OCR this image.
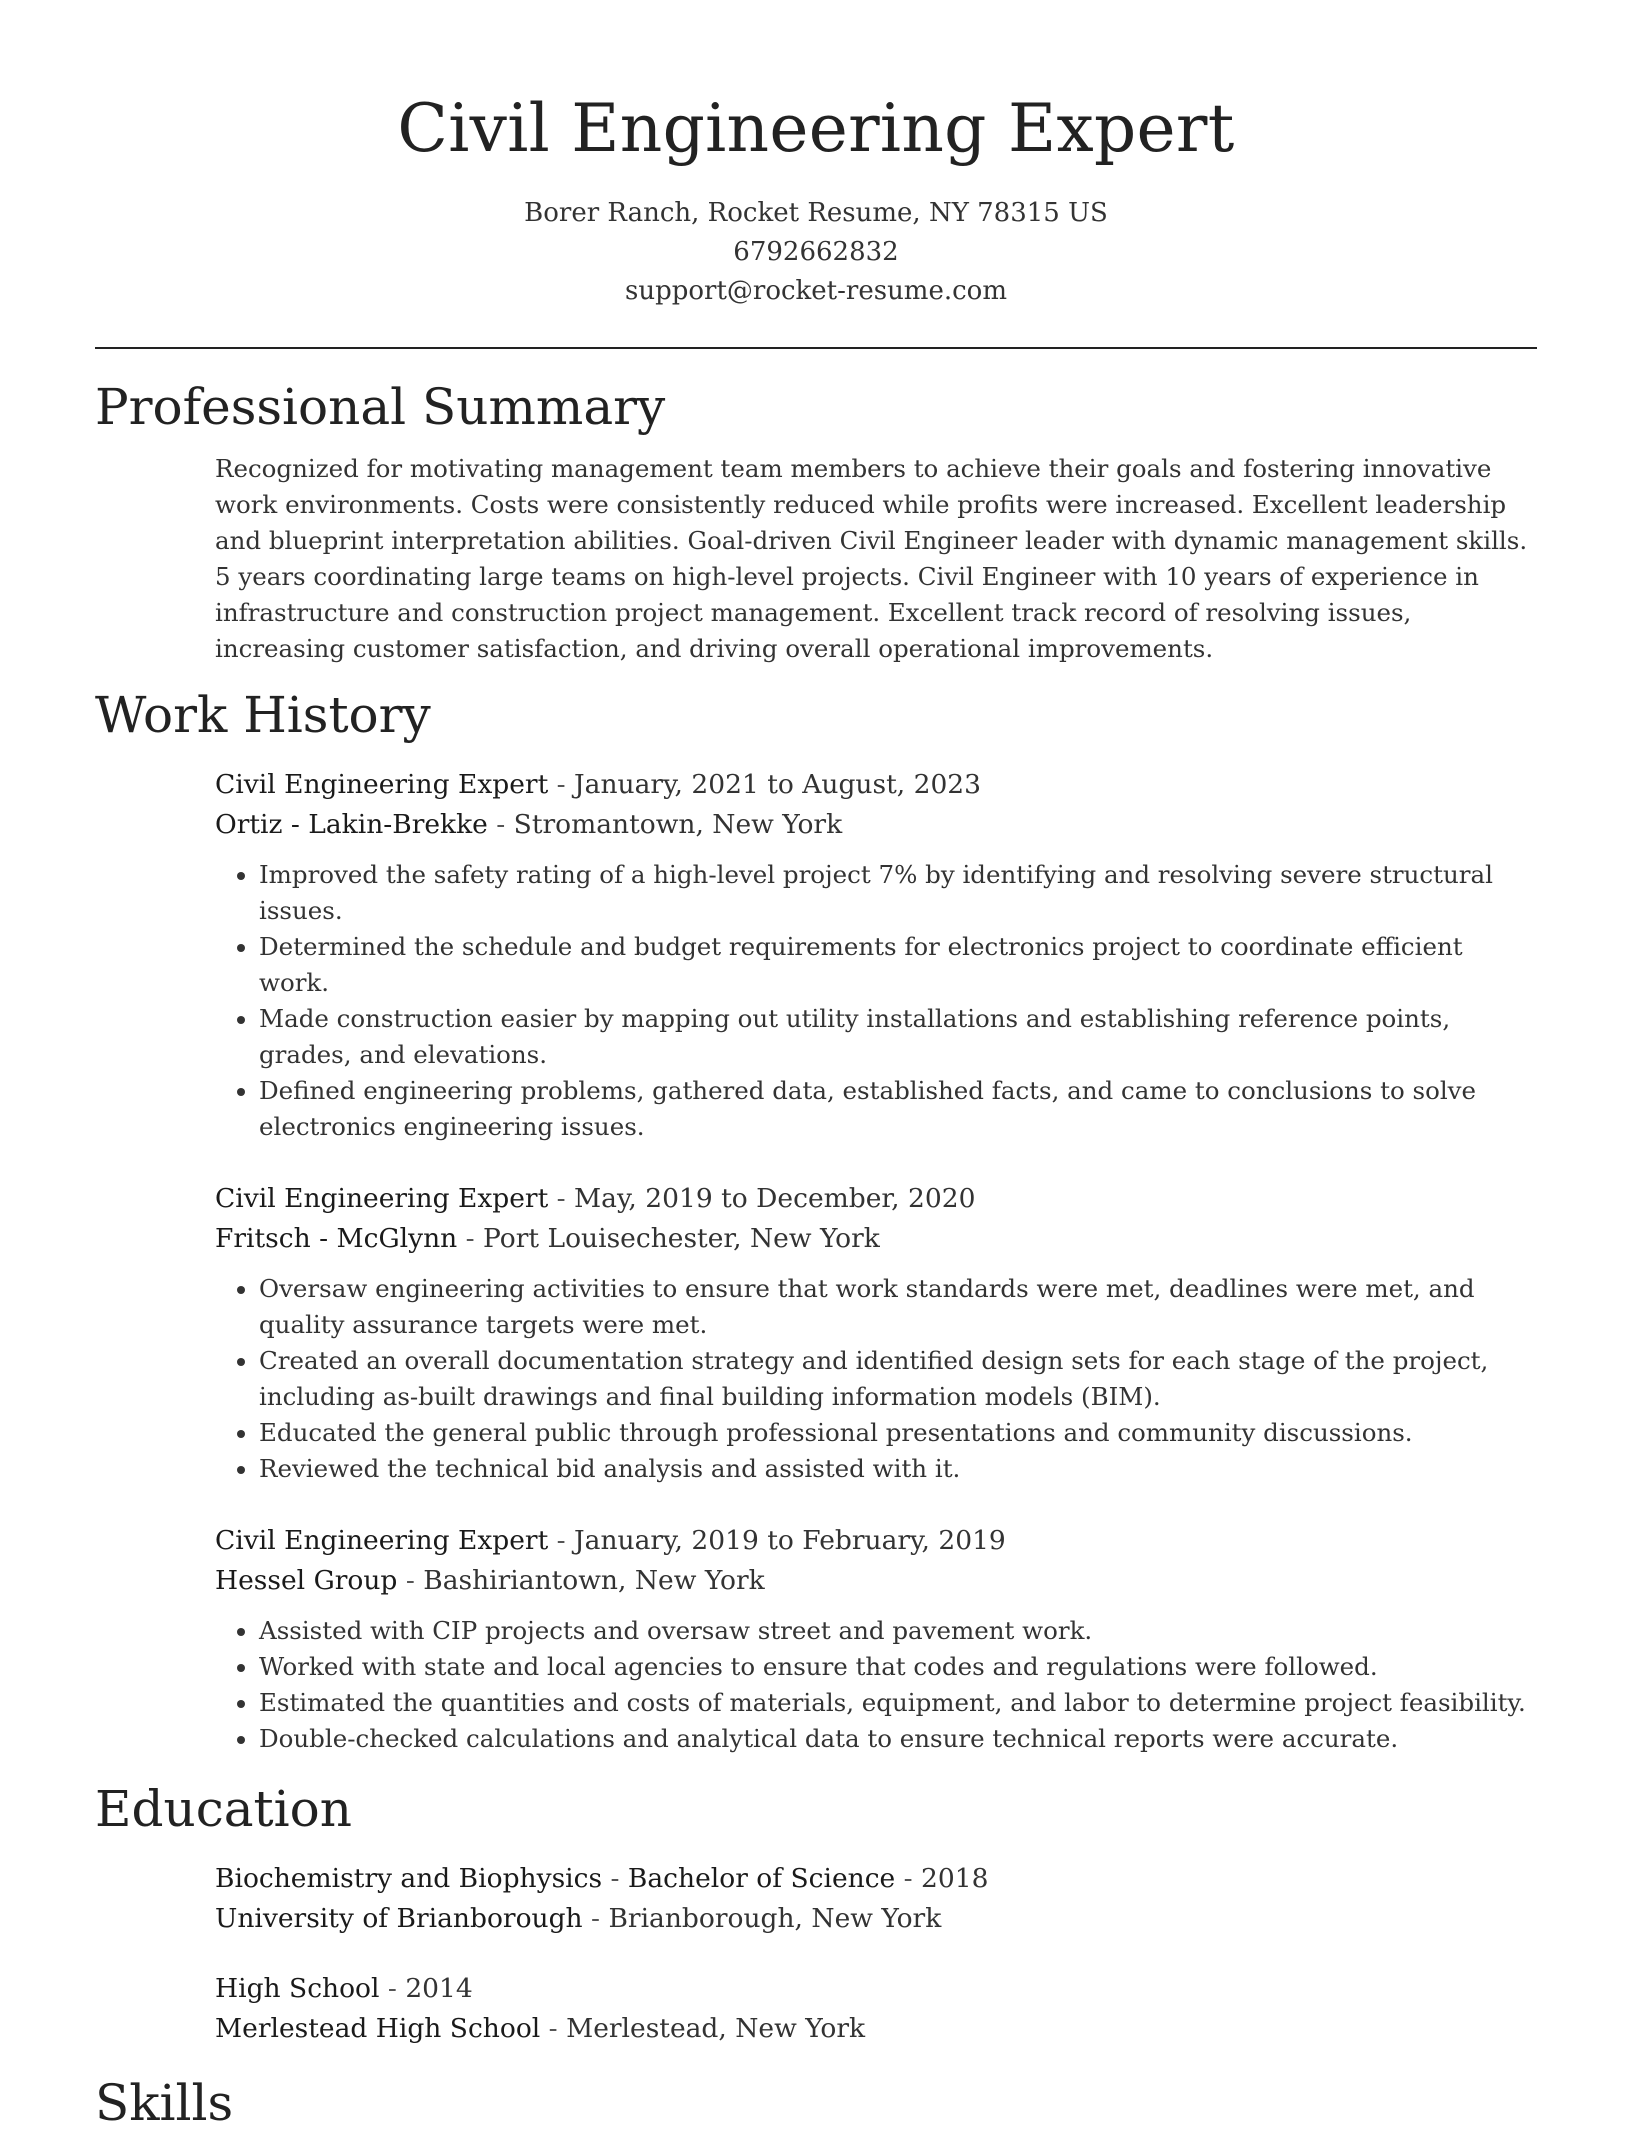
Civil Engineering Expert
Borer Ranch, Rocket Resume, NY 78315 US
6792662832
support@rocket-resume.com
Professional Summary

Recognized for motivating management team members to achieve their goals and fostering innovative work environments. Costs were consistently reduced while profits were increased. Excellent leadership and blueprint interpretation abilities. Goal-driven Civil Engineer leader with dynamic management skills. 5 years coordinating large teams on high-level projects. Civil Engineer with 10 years of experience in infrastructure and construction project management. Excellent track record of resolving issues, increasing customer satisfaction, and driving overall operational improvements.

Work History
Civil Engineering Expert - January, 2021 to August, 2023
Ortiz - Lakin-Brekke - Stromantown, New York
• Improved the safety rating of a high-level project 7% by identifying and resolving severe structural issues.
• Determined the schedule and budget requirements for electronics project to coordinate efficient work.
• Made construction easier by mapping out utility installations and establishing reference points, grades, and elevations.
• Defined engineering problems, gathered data, established facts, and came to conclusions to solve electronics engineering issues.
Civil Engineering Expert - May, 2019 to December, 2020
Fritsch - McGlynn - Port Louisechester, New York
• Oversaw engineering activities to ensure that work standards were met, deadlines were met, and quality assurance targets were met.
• Created an overall documentation strategy and identified design sets for each stage of the project, including as-built drawings and final building information models (BIM).
• Educated the general public through professional presentations and community discussions.
• Reviewed the technical bid analysis and assisted with it.
Civil Engineering Expert - January, 2019 to February, 2019
Hessel Group - Bashiriantown, New York
• Assisted with CIP projects and oversaw street and pavement work.
• Worked with state and local agencies to ensure that codes and regulations were followed.
• Estimated the quantities and costs of materials, equipment, and labor to determine project feasibility.
• Double-checked calculations and analytical data to ensure technical reports were accurate.
Education
Biochemistry and Biophysics - Bachelor of Science - 2018
University of Brianborough - Brianborough, New York
High School - 2014
Merlestead High School - Merlestead, New York
Skills
